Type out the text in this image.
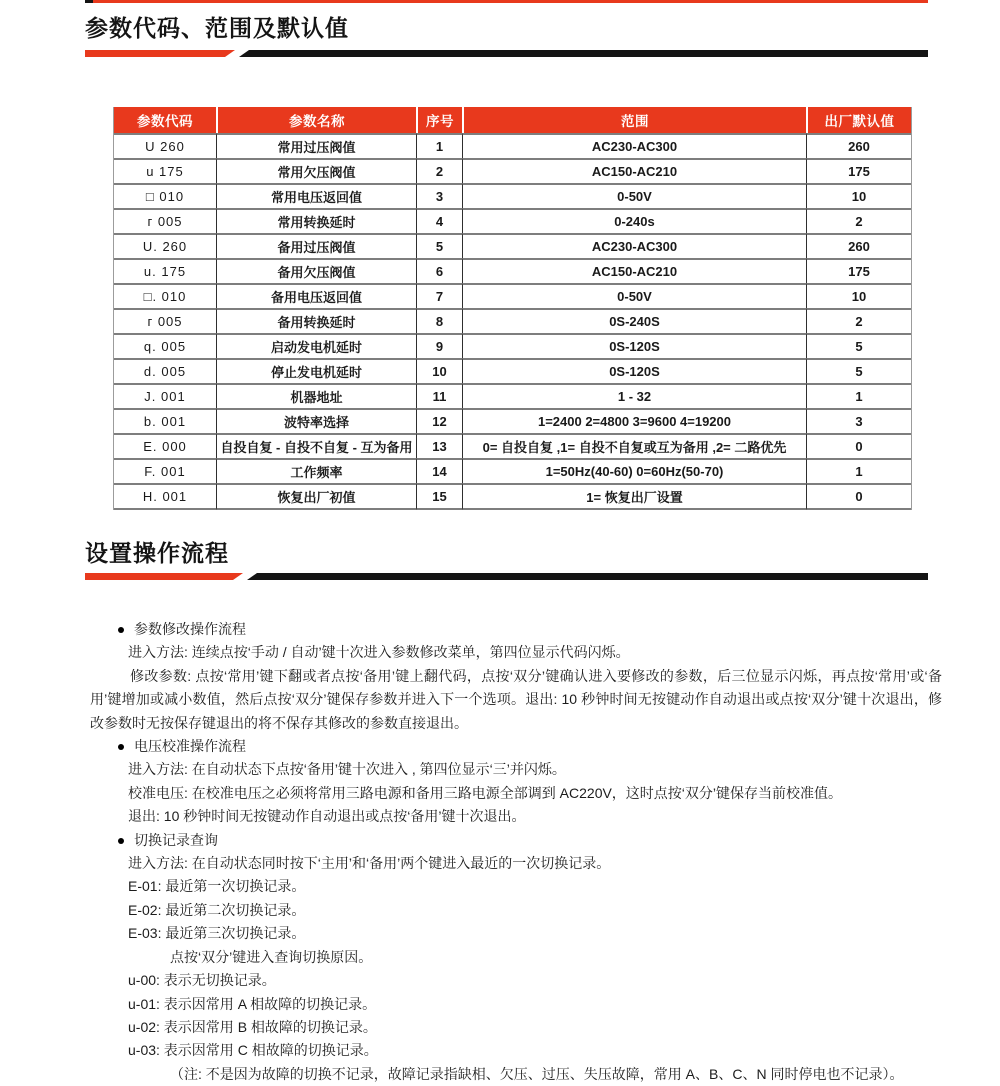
参数代码、范围及默认值
参数代码	参数名称	序号	范围	出厂默认值
U 260	常用过压阀值	1	AC230-AC300	260
u 175	常用欠压阀值	2	AC150-AC210	175
□ 010	常用电压返回值	3	0-50V	10
г 005	常用转换延时	4	0-240s	2
U. 260	备用过压阀值	5	AC230-AC300	260
u. 175	备用欠压阀值	6	AC150-AC210	175
□. 010	备用电压返回值	7	0-50V	10
г 005	备用转换延时	8	0S-240S	2
q. 005	启动发电机延时	9	0S-120S	5
d. 005	停止发电机延时	10	0S-120S	5
J. 001	机器地址	11	1 - 32	1
b. 001	波特率选择	12	1=2400 2=4800 3=9600 4=19200	3
E. 000	自投自复 - 自投不自复 - 互为备用	13	0= 自投自复 ,1= 自投不自复或互为备用 ,2= 二路优先	0
F. 001	工作频率	14	1=50Hz(40-60) 0=60Hz(50-70)	1
H. 001	恢复出厂初值	15	1= 恢复出厂设置	0
设置操作流程
参数修改操作流程
进入方法: 连续点按‘手动 / 自动’键十次进入参数修改菜单，第四位显示代码闪烁。
修改参数: 点按‘常用’键下翻或者点按‘备用’键上翻代码，点按‘双分’键确认进入要修改的参数，后三位显示闪烁，再点按‘常用’或‘备用’键增加或减小数值，然后点按‘双分’键保存参数并进入下一个选项。退出: 10 秒钟时间无按键动作自动退出或点按‘双分’键十次退出，修改参数时无按保存键退出的将不保存其修改的参数直接退出。
电压校准操作流程
进入方法: 在自动状态下点按‘备用’键十次进入 , 第四位显示‘三’并闪烁。
校准电压: 在校准电压之必须将常用三路电源和备用三路电源全部调到 AC220V，这时点按‘双分’键保存当前校准值。
退出: 10 秒钟时间无按键动作自动退出或点按‘备用’键十次退出。
切换记录查询
进入方法: 在自动状态同时按下‘主用’和‘备用’两个键进入最近的一次切换记录。
E-01: 最近第一次切换记录。
E-02: 最近第二次切换记录。
E-03: 最近第三次切换记录。
点按‘双分’键进入查询切换原因。
u-00: 表示无切换记录。
u-01: 表示因常用 A 相故障的切换记录。
u-02: 表示因常用 B 相故障的切换记录。
u-03: 表示因常用 C 相故障的切换记录。
（注: 不是因为故障的切换不记录，故障记录指缺相、欠压、过压、失压故障，常用 A、B、C、N 同时停电也不记录）。
